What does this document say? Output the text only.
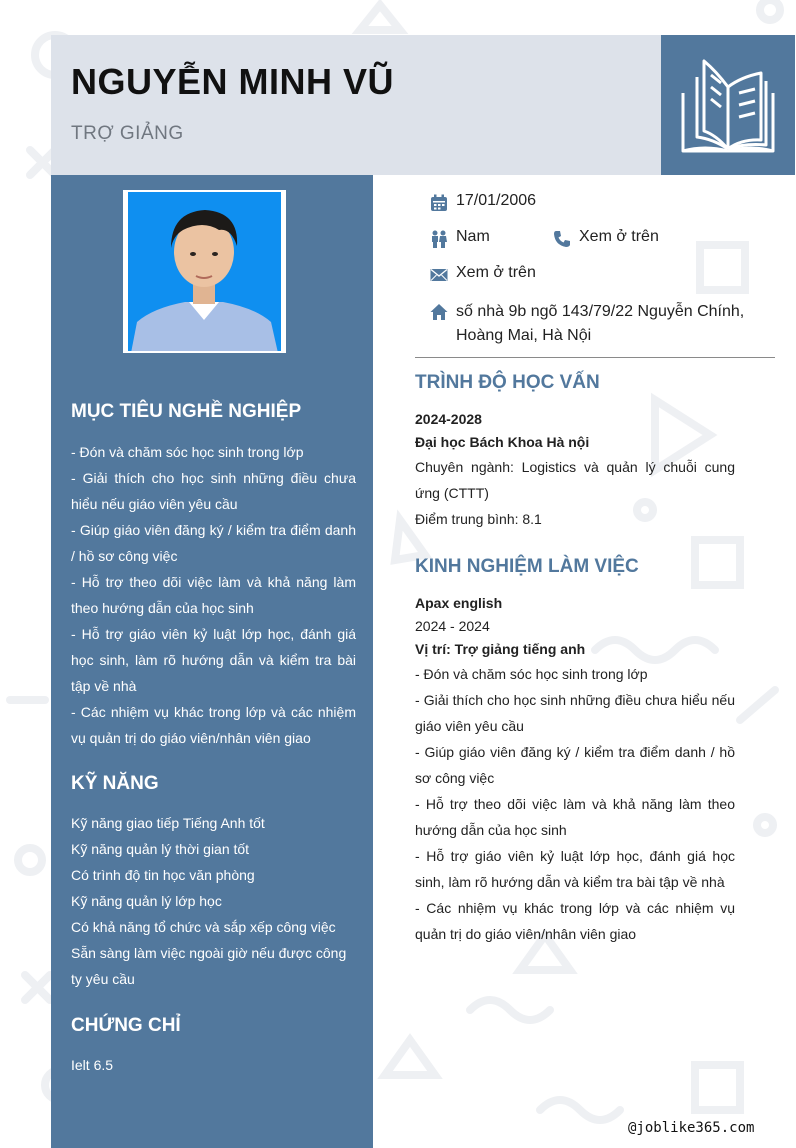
NGUYỄN MINH VŨ
TRỢ GIẢNG
MỤC TIÊU NGHỀ NGHIỆP
- Đón và chăm sóc học sinh trong lớp
- Giải thích cho học sinh những điều chưa hiểu nếu giáo viên yêu cầu
- Giúp giáo viên đăng ký / kiểm tra điểm danh / hồ sơ công việc
- Hỗ trợ theo dõi việc làm và khả năng làm theo hướng dẫn của học sinh
- Hỗ trợ giáo viên kỷ luật lớp học, đánh giá học sinh, làm rõ hướng dẫn và kiểm tra bài tập về nhà
- Các nhiệm vụ khác trong lớp và các nhiệm vụ quản trị do giáo viên/nhân viên giao
KỸ NĂNG
Kỹ năng giao tiếp Tiếng Anh tốt
Kỹ năng quản lý thời gian tốt
Có trình độ tin học văn phòng
Kỹ năng quản lý lớp học
Có khả năng tổ chức và sắp xếp công việc
Sẵn sàng làm việc ngoài giờ nếu được công ty yêu cầu
CHỨNG CHỈ
Ielt 6.5
17/01/2006
Nam	Xem ở trên
Xem ở trên
số nhà 9b ngõ 143/79/22 Nguyễn Chính, Hoàng Mai, Hà Nội
TRÌNH ĐỘ HỌC VẤN
2024-2028
Đại học Bách Khoa Hà nội
Chuyên ngành: Logistics và quản lý chuỗi cung ứng (CTTT)
Điểm trung bình: 8.1
KINH NGHIỆM LÀM VIỆC
Apax english
2024 - 2024
Vị trí: Trợ giảng tiếng anh
- Đón và chăm sóc học sinh trong lớp
- Giải thích cho học sinh những điều chưa hiểu nếu giáo viên yêu cầu
- Giúp giáo viên đăng ký / kiểm tra điểm danh / hồ sơ công việc
- Hỗ trợ theo dõi việc làm và khả năng làm theo hướng dẫn của học sinh
- Hỗ trợ giáo viên kỷ luật lớp học, đánh giá học sinh, làm rõ hướng dẫn và kiểm tra bài tập về nhà
- Các nhiệm vụ khác trong lớp và các nhiệm vụ quản trị do giáo viên/nhân viên giao
@joblike365.com
